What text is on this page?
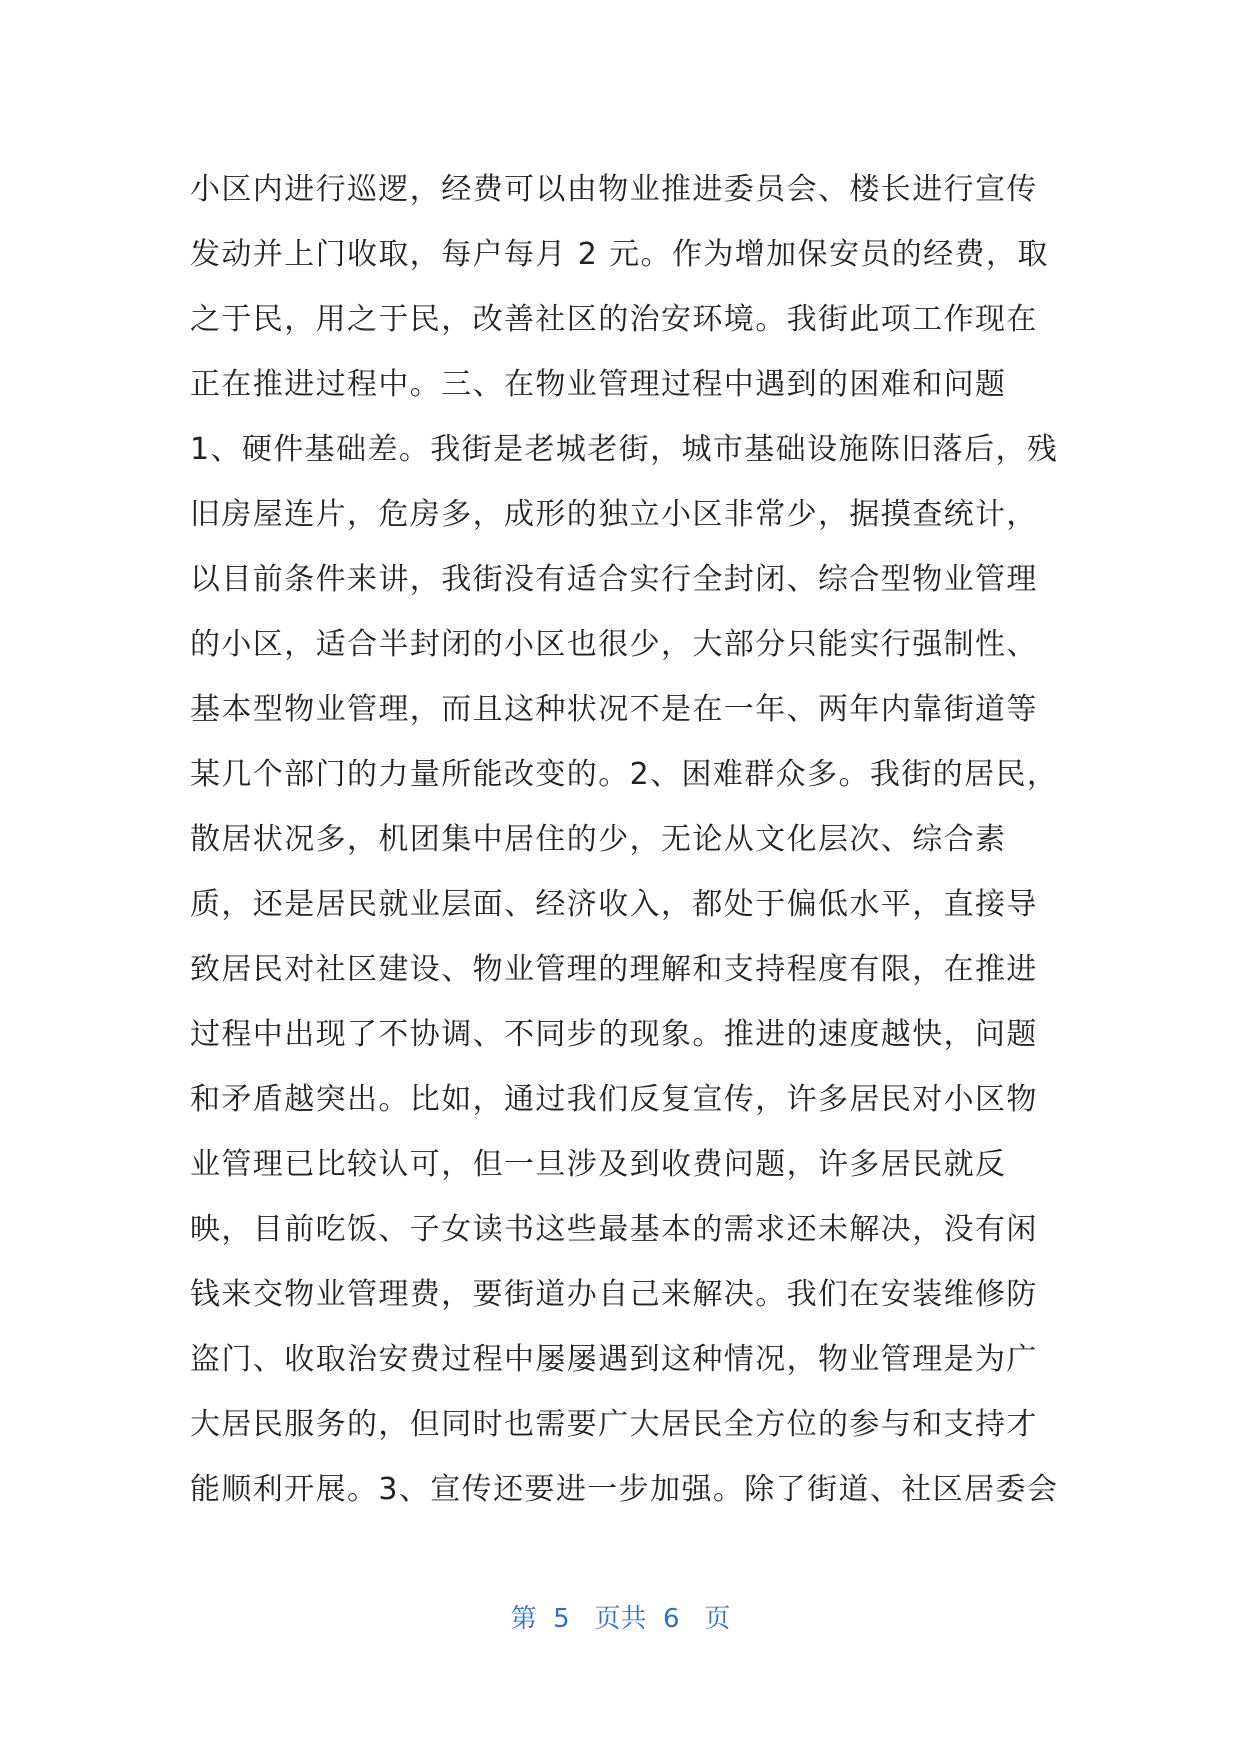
小区内进行巡逻，经费可以由物业推进委员会、楼长进行宣传
发动并上门收取，每户每月 2 元。作为增加保安员的经费，取
之于民，用之于民，改善社区的治安环境。我街此项工作现在
正在推进过程中。三、在物业管理过程中遇到的困难和问题
1、硬件基础差。我街是老城老街，城市基础设施陈旧落后，残
旧房屋连片，危房多，成形的独立小区非常少，据摸查统计，
以目前条件来讲，我街没有适合实行全封闭、综合型物业管理
的小区，适合半封闭的小区也很少，大部分只能实行强制性、
基本型物业管理，而且这种状况不是在一年、两年内靠街道等
某几个部门的力量所能改变的。2、困难群众多。我街的居民，
散居状况多，机团集中居住的少，无论从文化层次、综合素
质，还是居民就业层面、经济收入，都处于偏低水平，直接导
致居民对社区建设、物业管理的理解和支持程度有限，在推进
过程中出现了不协调、不同步的现象。推进的速度越快，问题
和矛盾越突出。比如，通过我们反复宣传，许多居民对小区物
业管理已比较认可，但一旦涉及到收费问题，许多居民就反
映，目前吃饭、子女读书这些最基本的需求还未解决，没有闲
钱来交物业管理费，要街道办自己来解决。我们在安装维修防
盗门、收取治安费过程中屡屡遇到这种情况，物业管理是为广
大居民服务的，但同时也需要广大居民全方位的参与和支持才
能顺利开展。3、宣传还要进一步加强。除了街道、社区居委会
第  5   页共  6   页
